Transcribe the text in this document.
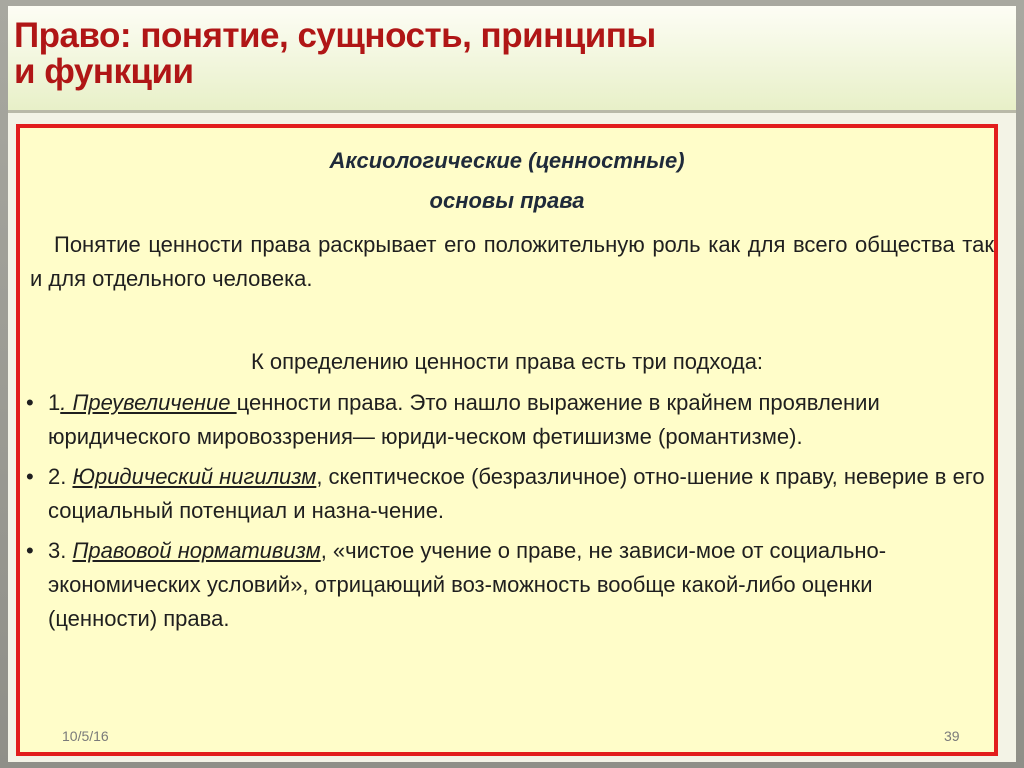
Право: понятие, сущность, принципы
и функции
Аксиологические (ценностные)
основы права

Понятие ценности права раскрывает его положительную роль как для всего общества так и для отдельного человека.

К определению ценности права есть три подхода:
• 1. Преувеличение ценности права. Это нашло выражение в крайнем проявлении юридического мировоззрения— юриди-ческом фетишизме (романтизме).
• 2. Юридический нигилизм, скептическое (безразличное) отно-шение к праву, неверие в его социальный потенциал и назна-чение.
• 3. Правовой нормативизм, «чистое учение о праве, не зависи-мое от социально-экономических условий», отрицающий воз-можность вообще какой-либо оценки (ценности) права.
10/5/16	39
